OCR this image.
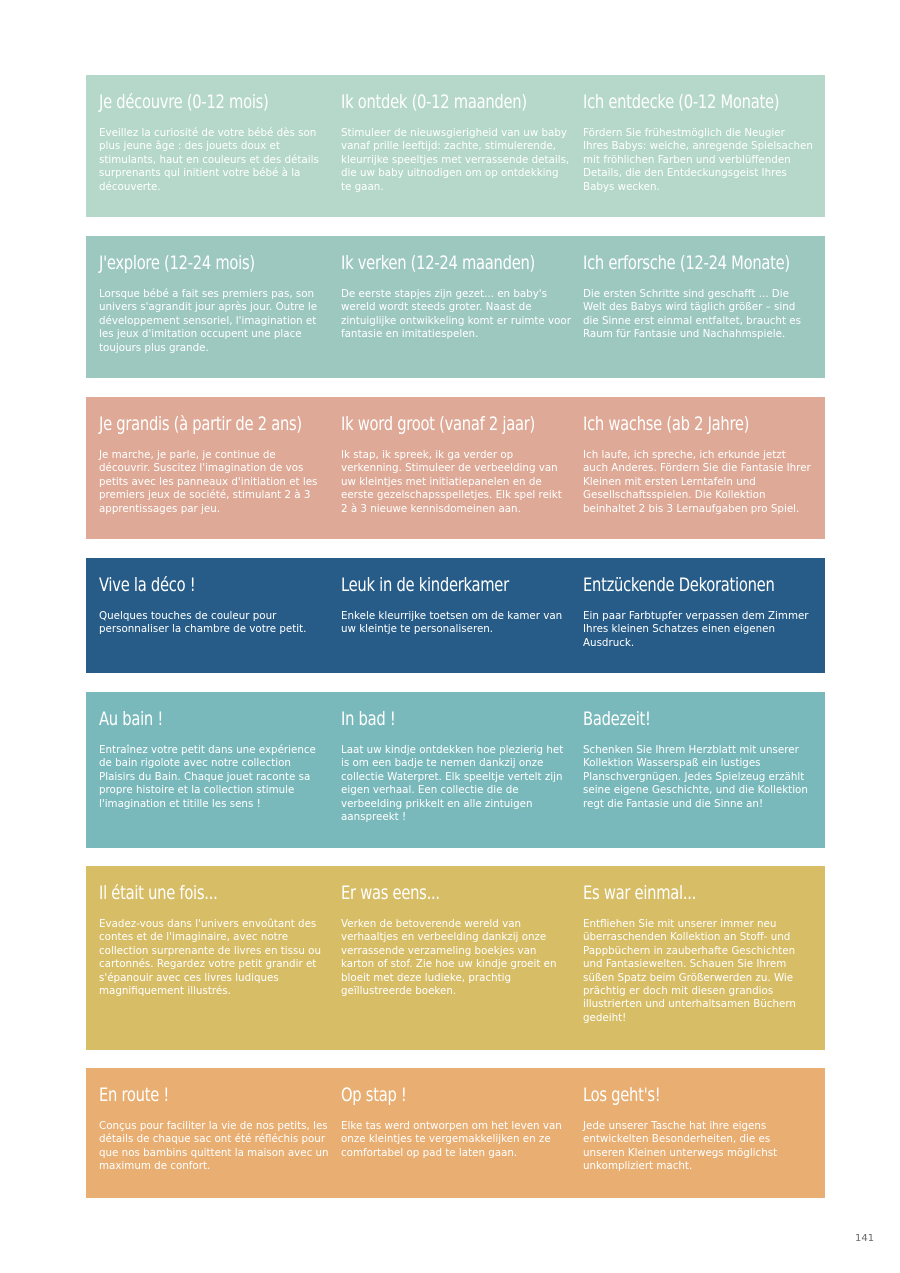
Je découvre (0-12 mois)

Eveillez la curiosité de votre bébé dès son plus jeune âge : des jouets doux et stimulants, haut en couleurs et des détails surprenants qui initient votre bébé à la découverte.

Ik ontdek (0-12 maanden)

Stimuleer de nieuwsgierigheid van uw baby vanaf prille leeftijd: zachte, stimulerende, kleurrijke speeltjes met verrassende details, die uw baby uitnodigen om op ontdekking te gaan.

Ich entdecke (0-12 Monate)

Fördern Sie frühestmöglich die Neugier Ihres Babys: weiche, anregende Spielsachen mit fröhlichen Farben und verblüffenden Details, die den Entdeckungsgeist Ihres Babys wecken.

J'explore (12-24 mois)

Lorsque bébé a fait ses premiers pas, son univers s'agrandit jour après jour. Outre le développement sensoriel, l'imagination et les jeux d'imitation occupent une place toujours plus grande.

Ik verken (12-24 maanden)

De eerste stapjes zijn gezet... en baby's wereld wordt steeds groter. Naast de zintuiglijke ontwikkeling komt er ruimte voor fantasie en imitatiespelen.

Ich erforsche (12-24 Monate)

Die ersten Schritte sind geschafft ... Die Welt des Babys wird täglich größer – sind die Sinne erst einmal entfaltet, braucht es Raum für Fantasie und Nachahmspiele.

Je grandis (à partir de 2 ans)

Je marche, je parle, je continue de découvrir. Suscitez l'imagination de vos petits avec les panneaux d'initiation et les premiers jeux de société, stimulant 2 à 3 apprentissages par jeu.

Ik word groot (vanaf 2 jaar)

Ik stap, ik spreek, ik ga verder op verkenning. Stimuleer de verbeelding van uw kleintjes met initiatiepanelen en de eerste gezelschapsspelletjes. Elk spel reikt 2 à 3 nieuwe kennisdomeinen aan.

Ich wachse (ab 2 Jahre)

Ich laufe, ich spreche, ich erkunde jetzt auch Anderes. Fördern Sie die Fantasie Ihrer Kleinen mit ersten Lerntafeln und Gesellschaftsspielen. Die Kollektion beinhaltet 2 bis 3 Lernaufgaben pro Spiel.

Vive la déco !

Quelques touches de couleur pour personnaliser la chambre de votre petit.

Leuk in de kinderkamer

Enkele kleurrijke toetsen om de kamer van uw kleintje te personaliseren.

Entzückende Dekorationen

Ein paar Farbtupfer verpassen dem Zimmer Ihres kleinen Schatzes einen eigenen Ausdruck.

Au bain !

Entraînez votre petit dans une expérience de bain rigolote avec notre collection Plaisirs du Bain. Chaque jouet raconte sa propre histoire et la collection stimule l'imagination et titille les sens !

In bad !

Laat uw kindje ontdekken hoe plezierig het is om een badje te nemen dankzij onze collectie Waterpret. Elk speeltje vertelt zijn eigen verhaal. Een collectie die de verbeelding prikkelt en alle zintuigen aanspreekt !

Badezeit!

Schenken Sie Ihrem Herzblatt mit unserer Kollektion Wasserspaß ein lustiges Planschvergnügen. Jedes Spielzeug erzählt seine eigene Geschichte, und die Kollektion regt die Fantasie und die Sinne an!

Il était une fois...

Evadez-vous dans l'univers envoûtant des contes et de l'imaginaire, avec notre collection surprenante de livres en tissu ou cartonnés. Regardez votre petit grandir et s'épanouir avec ces livres ludiques magnifiquement illustrés.

Er was eens...

Verken de betoverende wereld van verhaaltjes en verbeelding dankzij onze verrassende verzameling boekjes van karton of stof. Zie hoe uw kindje groeit en bloeit met deze ludieke, prachtig geïllustreerde boeken.

Es war einmal...

Entfliehen Sie mit unserer immer neu überraschenden Kollektion an Stoff- und Pappbüchern in zauberhafte Geschichten und Fantasiewelten. Schauen Sie Ihrem süßen Spatz beim Größerwerden zu. Wie prächtig er doch mit diesen grandios illustrierten und unterhaltsamen Büchern gedeiht!

En route !

Conçus pour faciliter la vie de nos petits, les détails de chaque sac ont été réfléchis pour que nos bambins quittent la maison avec un maximum de confort.

Op stap !

Elke tas werd ontworpen om het leven van onze kleintjes te vergemakkelijken en ze comfortabel op pad te laten gaan.

Los geht's!

Jede unserer Tasche hat ihre eigens entwickelten Besonderheiten, die es unseren Kleinen unterwegs möglichst unkompliziert macht.

141
